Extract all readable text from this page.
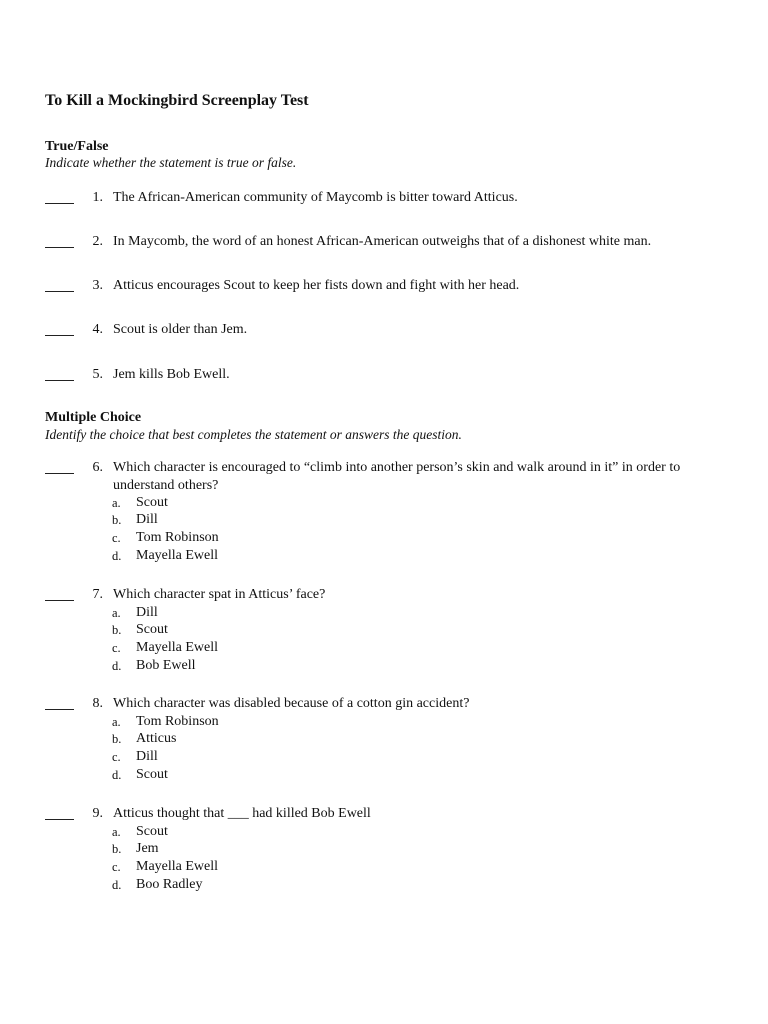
To Kill a Mockingbird Screenplay Test
True/False
Indicate whether the statement is true or false.
1. The African-American community of Maycomb is bitter toward Atticus.
2. In Maycomb, the word of an honest African-American outweighs that of a dishonest white man.
3. Atticus encourages Scout to keep her fists down and fight with her head.
4. Scout is older than Jem.
5. Jem kills Bob Ewell.
Multiple Choice
Identify the choice that best completes the statement or answers the question.
6. Which character is encouraged to “climb into another person’s skin and walk around in it” in order to understand others?
a.	Scout
b.	Dill
c.	Tom Robinson
d.	Mayella Ewell
7. Which character spat in Atticus’ face?
a.	Dill
b.	Scout
c.	Mayella Ewell
d.	Bob Ewell
8. Which character was disabled because of a cotton gin accident?
a.	Tom Robinson
b.	Atticus
c.	Dill
d.	Scout
9. Atticus thought that ___ had killed Bob Ewell
a.	Scout
b.	Jem
c.	Mayella Ewell
d.	Boo Radley
